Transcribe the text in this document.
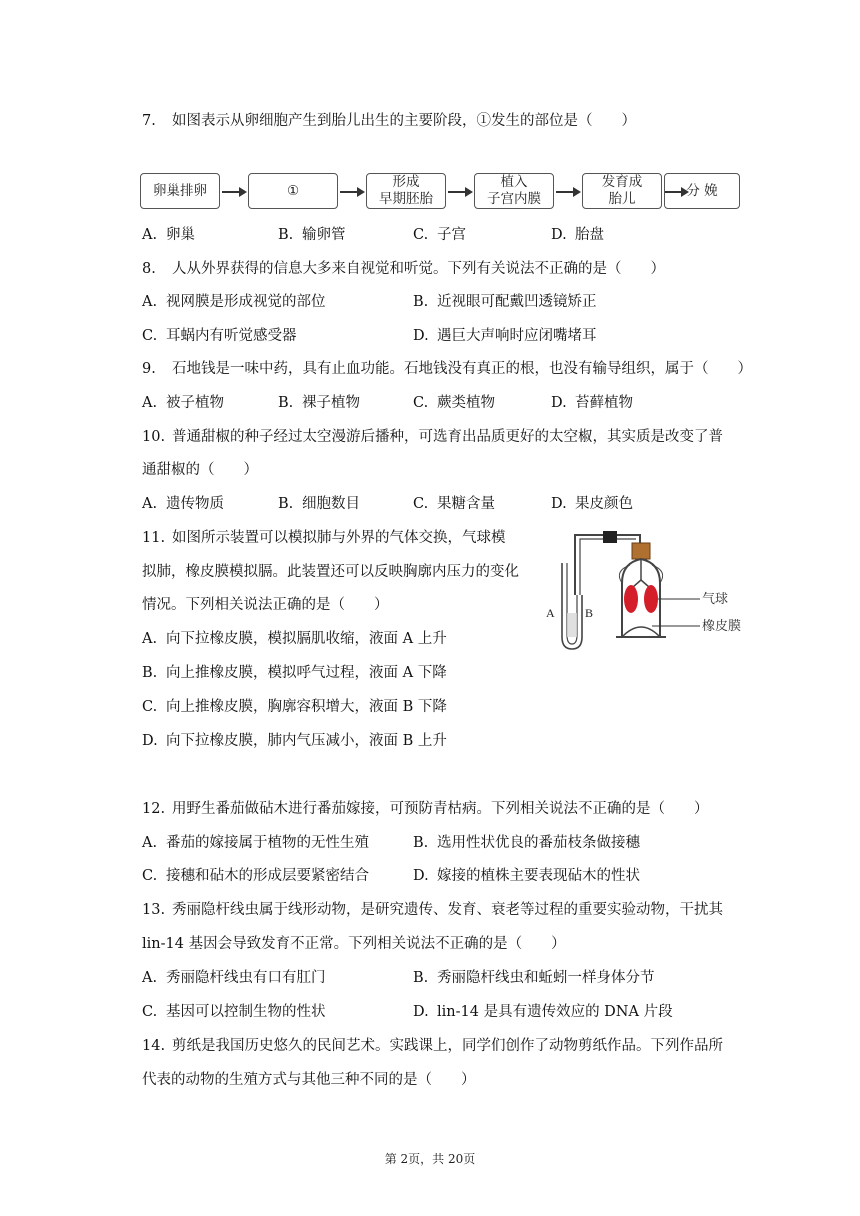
7. 如图表示从卵细胞产生到胎儿出生的主要阶段，①发生的部位是（　　）
卵巢排卵	①
形成
早期胚胎
植入
子宫内膜
发育成
胎儿
分 娩
A. 卵巢	B. 输卵管	C. 子宫	D. 胎盘
8. 人从外界获得的信息大多来自视觉和听觉。下列有关说法不正确的是（　　）
A. 视网膜是形成视觉的部位	B. 近视眼可配戴凹透镜矫正
C. 耳蜗内有听觉感受器	D. 遇巨大声响时应闭嘴堵耳
9. 石地钱是一味中药，具有止血功能。石地钱没有真正的根，也没有输导组织，属于（　　）
A. 被子植物	B. 裸子植物	C. 蕨类植物	D. 苔藓植物
10. 普通甜椒的种子经过太空漫游后播种，可选育出品质更好的太空椒，其实质是改变了普
通甜椒的（　　）
A. 遗传物质	B. 细胞数目	C. 果糖含量	D. 果皮颜色
11. 如图所示装置可以模拟肺与外界的气体交换，气球模
拟肺，橡皮膜模拟膈。此装置还可以反映胸廓内压力的变化
情况。下列相关说法正确的是（　　）
A. 向下拉橡皮膜，模拟膈肌收缩，液面 A 上升
B. 向上推橡皮膜，模拟呼气过程，液面 A 下降
C. 向上推橡皮膜，胸廓容积增大，液面 B 下降
D. 向下拉橡皮膜，肺内气压减小，液面 B 上升
A	B
气球
橡皮膜
12. 用野生番茄做砧木进行番茄嫁接，可预防青枯病。下列相关说法不正确的是（　　）
A. 番茄的嫁接属于植物的无性生殖	B. 选用性状优良的番茄枝条做接穗
C. 接穗和砧木的形成层要紧密结合	D. 嫁接的植株主要表现砧木的性状
13. 秀丽隐杆线虫属于线形动物，是研究遗传、发育、衰老等过程的重要实验动物，干扰其
lin-14 基因会导致发育不正常。下列相关说法不正确的是（　　）
A. 秀丽隐杆线虫有口有肛门	B. 秀丽隐杆线虫和蚯蚓一样身体分节
C. 基因可以控制生物的性状	D. lin-14 是具有遗传效应的 DNA 片段
14. 剪纸是我国历史悠久的民间艺术。实践课上，同学们创作了动物剪纸作品。下列作品所
代表的动物的生殖方式与其他三种不同的是（　　）
第 2页，共 20页
